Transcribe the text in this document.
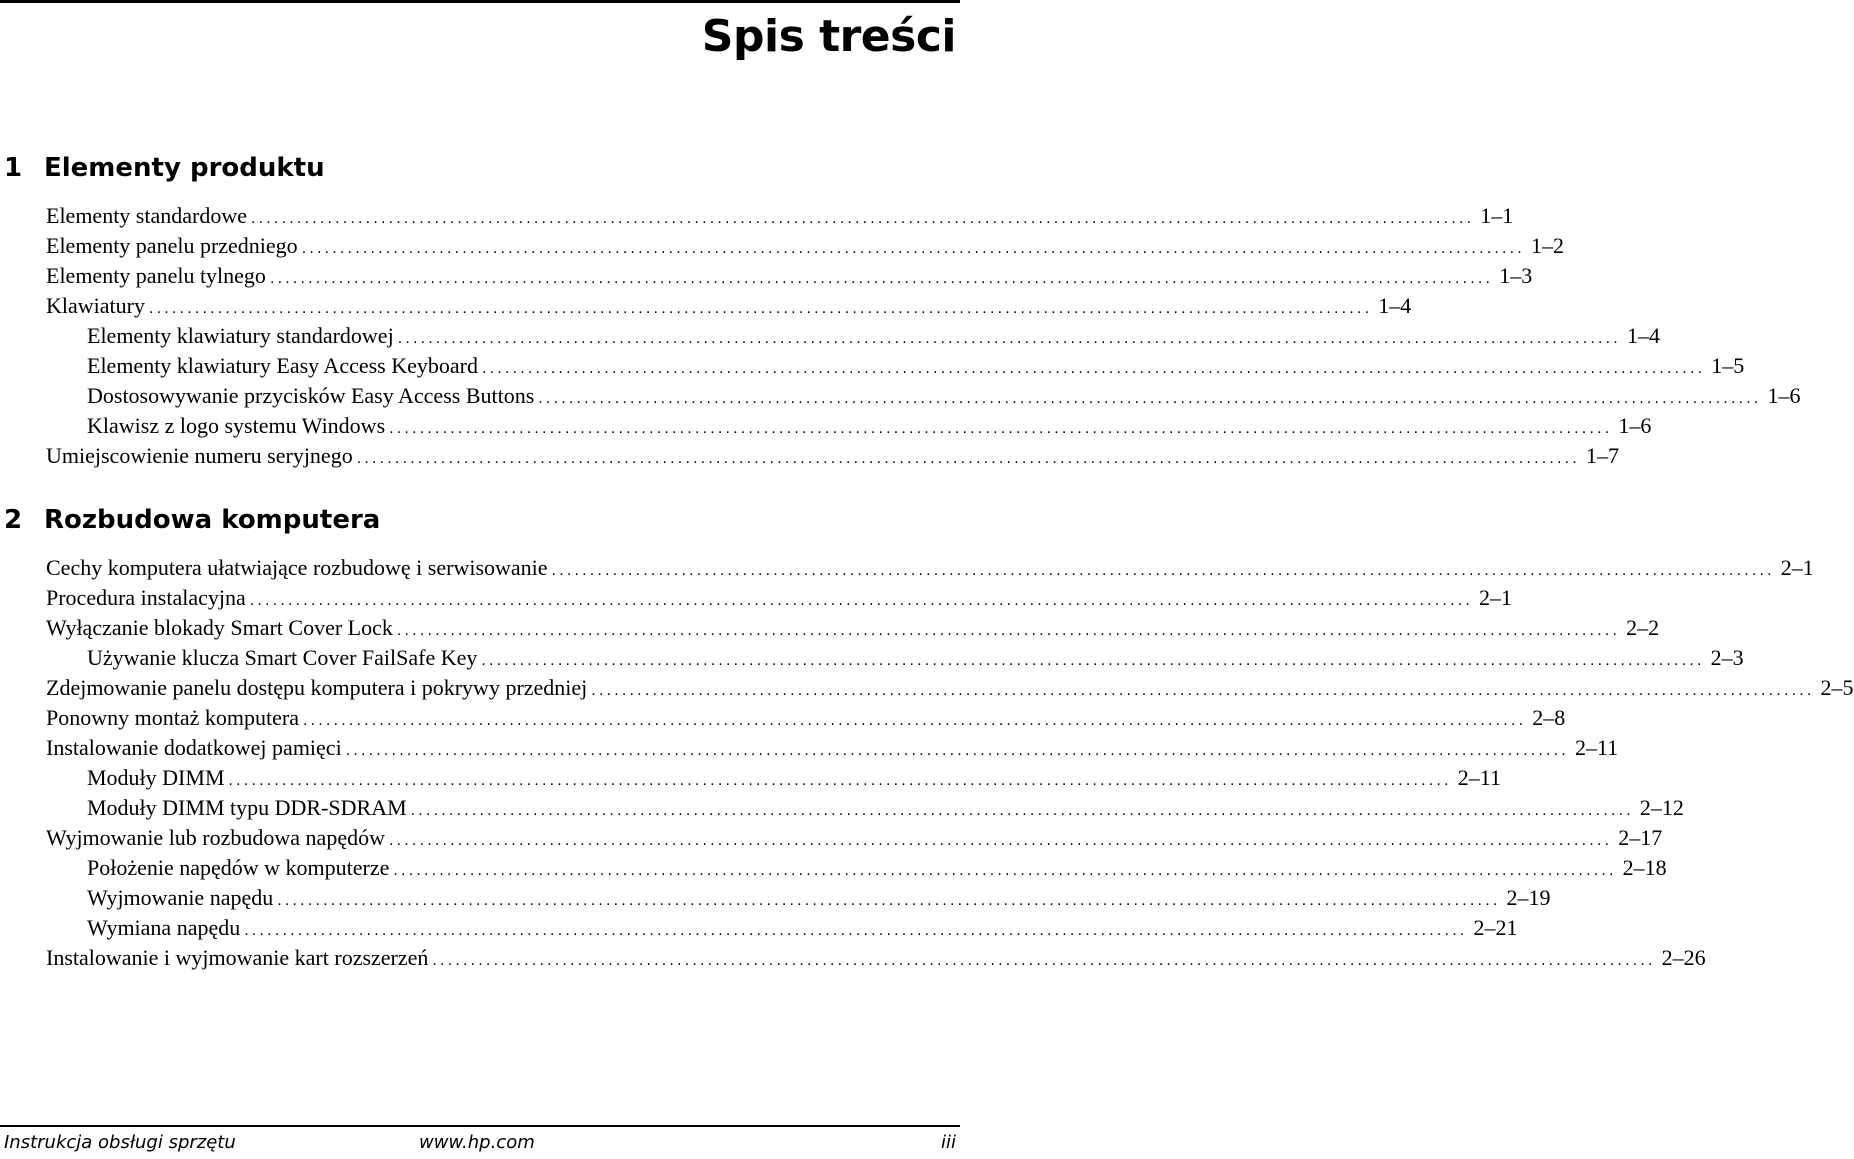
Spis treści
1 Elementy produktu
Elementy standardowe ................................................................................................................................................................ 1–1
Elementy panelu przedniego ................................................................................................................................................................ 1–2
Elementy panelu tylnego ................................................................................................................................................................ 1–3
Klawiatury ................................................................................................................................................................ 1–4
Elementy klawiatury standardowej ................................................................................................................................................................ 1–4
Elementy klawiatury Easy Access Keyboard ................................................................................................................................................................ 1–5
Dostosowywanie przycisków Easy Access Buttons ................................................................................................................................................................ 1–6
Klawisz z logo systemu Windows ................................................................................................................................................................ 1–6
Umiejscowienie numeru seryjnego ................................................................................................................................................................ 1–7
2 Rozbudowa komputera
Cechy komputera ułatwiające rozbudowę i serwisowanie ................................................................................................................................................................ 2–1
Procedura instalacyjna ................................................................................................................................................................ 2–1
Wyłączanie blokady Smart Cover Lock ................................................................................................................................................................ 2–2
Używanie klucza Smart Cover FailSafe Key ................................................................................................................................................................ 2–3
Zdejmowanie panelu dostępu komputera i pokrywy przedniej ................................................................................................................................................................ 2–5
Ponowny montaż komputera ................................................................................................................................................................ 2–8
Instalowanie dodatkowej pamięci ................................................................................................................................................................ 2–11
Moduły DIMM ................................................................................................................................................................ 2–11
Moduły DIMM typu DDR-SDRAM ................................................................................................................................................................ 2–12
Wyjmowanie lub rozbudowa napędów ................................................................................................................................................................ 2–17
Położenie napędów w komputerze ................................................................................................................................................................ 2–18
Wyjmowanie napędu ................................................................................................................................................................ 2–19
Wymiana napędu ................................................................................................................................................................ 2–21
Instalowanie i wyjmowanie kart rozszerzeń ................................................................................................................................................................ 2–26

Instrukcja obsługi sprzętu	www.hp.com	iii
